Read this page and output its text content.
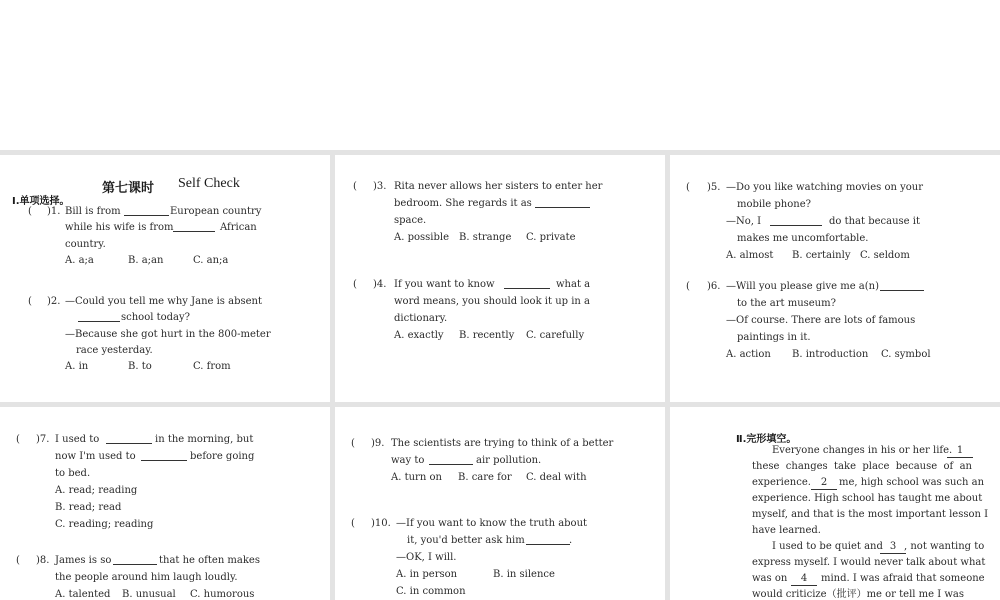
第七课时 Self Check
Ⅰ.单项选择。
( )1. Bill is from	European country
while his wife is from	African
country.
A. a;a	B. a;an	C. an;a
( )2. —Could you tell me why Jane is absent
school today?
—Because she got hurt in the 800-meter
race yesterday.
A. in	B. to	C. from
( )3. Rita never allows her sisters to enter her
bedroom. She regards it as
space.
A. possible B. strange C. private
( )4. If you want to know	what a
word means, you should look it up in a
dictionary.
A. exactly B. recently C. carefully
( )5. —Do you like watching movies on your
mobile phone?
—No, I	do that because it
makes me uncomfortable.
A. almost B. certainly C. seldom
( )6. —Will you please give me a(n)
to the art museum?
—Of course. There are lots of famous
paintings in it.
A. action B. introduction C. symbol
( )7. I used to	in the morning, but
now I'm used to	before going
to bed.
A. read; reading
B. read; read
C. reading; reading
( )8. James is so	that he often makes
the people around him laugh loudly.
A. talented B. unusual C. humorous
( )9. The scientists are trying to think of a better
way to	air pollution.
A. turn on B. care for C. deal with
( )10. —If you want to know the truth about
it, you'd better ask him	.
—OK, I will.
A. in person	B. in silence
C. in common
Ⅱ.完形填空。
Everyone changes in his or her life. 1
these changes take place because of an
experience. 2	me, high school was such an
experience. High school has taught me about
myself, and that is the most important lesson I
have learned.
I used to be quiet and 3 , not wanting to
express myself. I would never talk about what
was on	4	mind. I was afraid that someone
would criticize（批评）me or tell me I was
